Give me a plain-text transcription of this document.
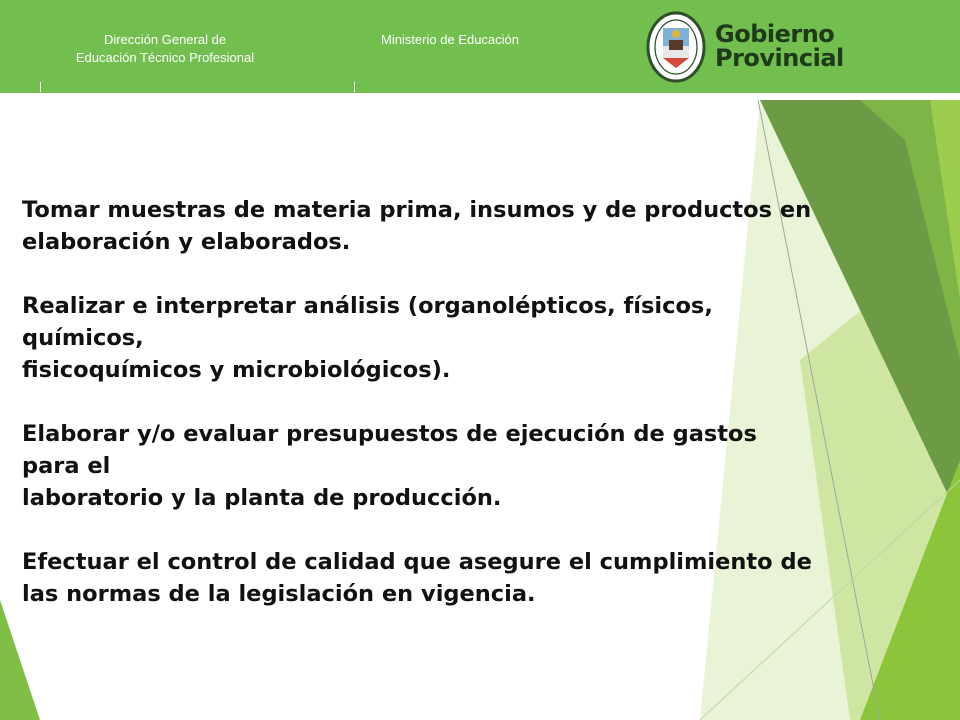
Dirección General de
Educación Técnico Profesional
Ministerio de Educación	Gobierno
Provincial

Tomar muestras de materia prima, insumos y de productos en
elaboración y elaborados.

Realizar e interpretar análisis (organolépticos, físicos,
químicos,
fisicoquímicos y microbiológicos).

Elaborar y/o evaluar presupuestos de ejecución de gastos
para el
laboratorio y la planta de producción.

Efectuar el control de calidad que asegure el cumplimiento de
las normas de la legislación en vigencia.
